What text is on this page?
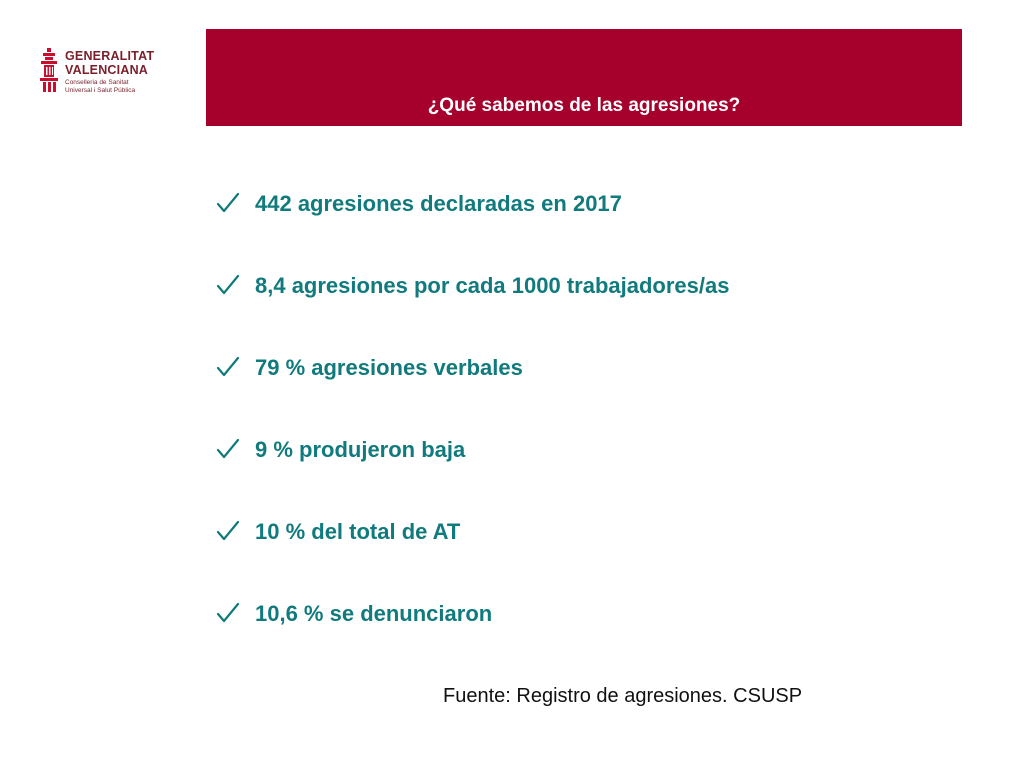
GENERALITAT
VALENCIANA
Conselleria de Sanitat
Universal i Salut Pública
¿Qué sabemos de las agresiones?
442 agresiones declaradas en 2017
8,4 agresiones por cada 1000 trabajadores/as
79 % agresiones verbales
9 % produjeron baja
10 % del total de AT
10,6 % se denunciaron
Fuente: Registro de agresiones. CSUSP
